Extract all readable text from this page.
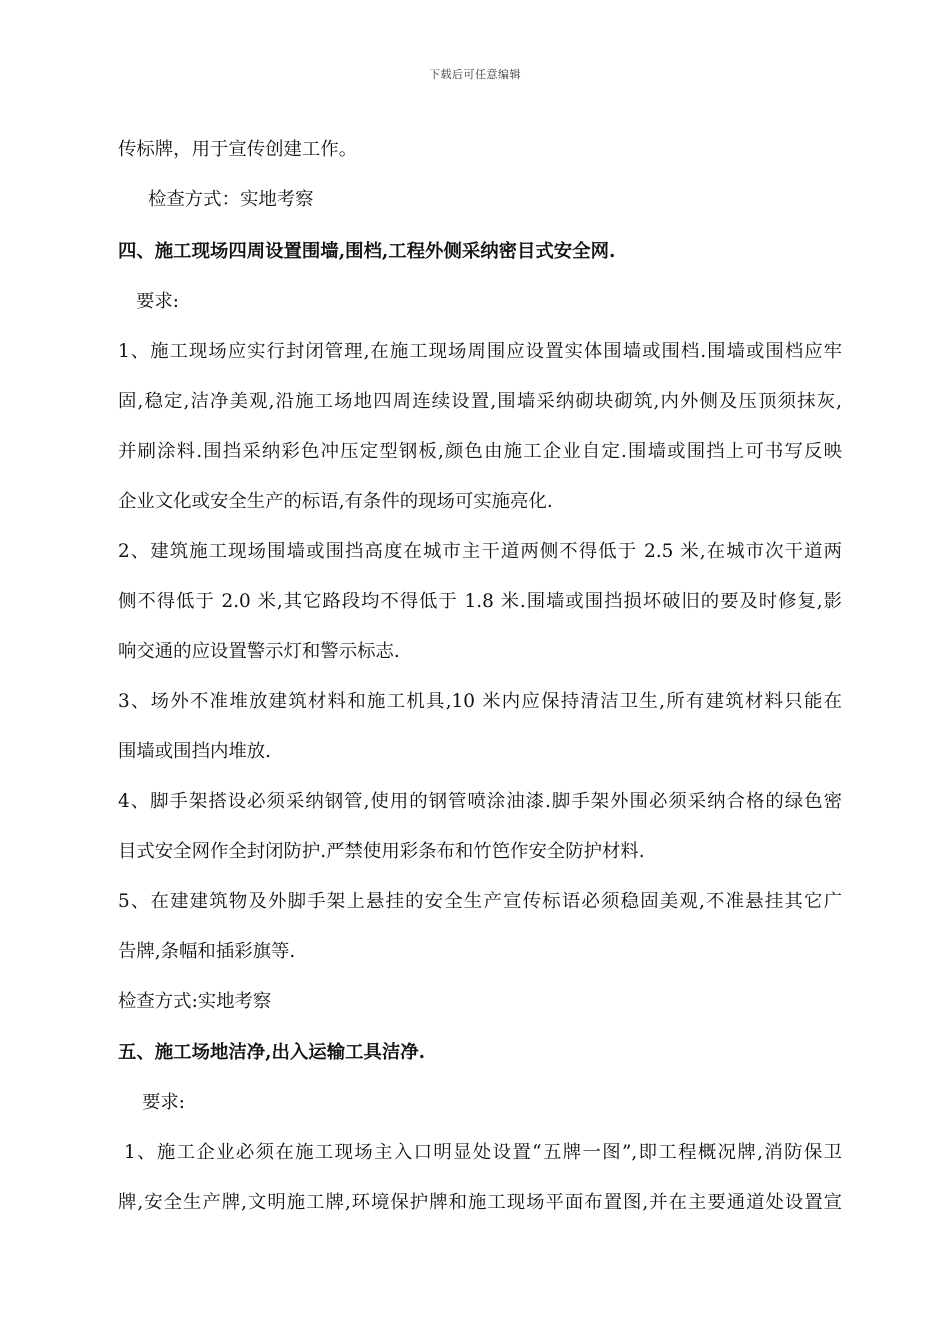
下载后可任意编辑
传标牌，用于宣传创建工作。
检查方式：实地考察
四、施工现场四周设置围墙,围档,工程外侧采纳密目式安全网.
要求:
1、施工现场应实行封闭管理,在施工现场周围应设置实体围墙或围档.围墙或围档应牢
固,稳定,洁净美观,沿施工场地四周连续设置,围墙采纳砌块砌筑,内外侧及压顶须抹灰,
并刷涂料.围挡采纳彩色冲压定型钢板,颜色由施工企业自定.围墙或围挡上可书写反映
企业文化或安全生产的标语,有条件的现场可实施亮化.
2、建筑施工现场围墙或围挡高度在城市主干道两侧不得低于 2.5 米,在城市次干道两
侧不得低于 2.0 米,其它路段均不得低于 1.8 米.围墙或围挡损坏破旧的要及时修复,影
响交通的应设置警示灯和警示标志.
3、场外不准堆放建筑材料和施工机具,10 米内应保持清洁卫生,所有建筑材料只能在
围墙或围挡内堆放.
4、脚手架搭设必须采纳钢管,使用的钢管喷涂油漆.脚手架外围必须采纳合格的绿色密
目式安全网作全封闭防护.严禁使用彩条布和竹笆作安全防护材料.
5、在建建筑物及外脚手架上悬挂的安全生产宣传标语必须稳固美观,不准悬挂其它广
告牌,条幅和插彩旗等.
检查方式:实地考察
五、施工场地洁净,出入运输工具洁净.
要求:
1、施工企业必须在施工现场主入口明显处设置“五牌一图”,即工程概况牌,消防保卫
牌,安全生产牌,文明施工牌,环境保护牌和施工现场平面布置图,并在主要通道处设置宣
